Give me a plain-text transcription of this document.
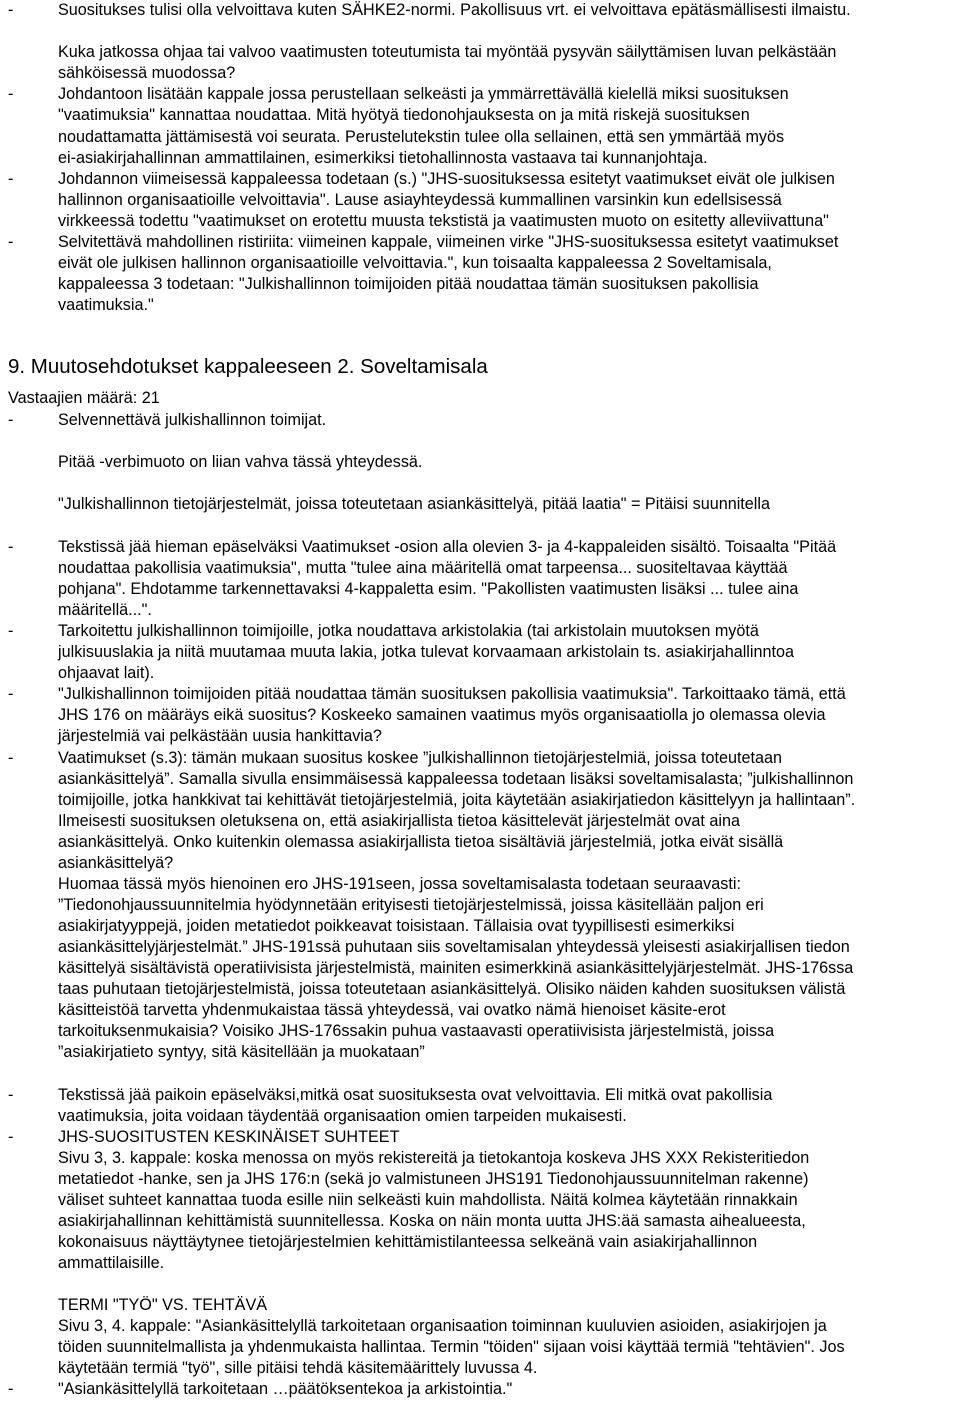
-	Suositukses tulisi olla velvoittava kuten SÄHKE2-normi. Pakollisuus vrt. ei velvoittava epätäsmällisesti ilmaistu.
Kuka jatkossa ohjaa tai valvoo vaatimusten toteutumista tai myöntää pysyvän säilyttämisen luvan pelkästään
sähköisessä muodossa?
-	Johdantoon lisätään kappale jossa perustellaan selkeästi ja ymmärrettävällä kielellä miksi suosituksen
"vaatimuksia" kannattaa noudattaa. Mitä hyötyä tiedonohjauksesta on ja mitä riskejä suosituksen
noudattamatta jättämisestä voi seurata. Perustelutekstin tulee olla sellainen, että sen ymmärtää myös
ei-asiakirjahallinnan ammattilainen, esimerkiksi tietohallinnosta vastaava tai kunnanjohtaja.
-	Johdannon viimeisessä kappaleessa todetaan (s.) "JHS-suosituksessa esitetyt vaatimukset eivät ole julkisen
hallinnon organisaatioille velvoittavia". Lause asiayhteydessä kummallinen varsinkin kun edellsisessä
virkkeessä todettu "vaatimukset on erotettu muusta tekstistä ja vaatimusten muoto on esitetty alleviivattuna"
-	Selvitettävä mahdollinen ristiriita: viimeinen kappale, viimeinen virke "JHS-suosituksessa esitetyt vaatimukset
eivät ole julkisen hallinnon organisaatioille velvoittavia.", kun toisaalta kappaleessa 2 Soveltamisala,
kappaleessa 3 todetaan: "Julkishallinnon toimijoiden pitää noudattaa tämän suosituksen pakollisia
vaatimuksia."
9. Muutosehdotukset kappaleeseen 2. Soveltamisala
Vastaajien määrä: 21
-	Selvennettävä julkishallinnon toimijat.
Pitää -verbimuoto on liian vahva tässä yhteydessä.
"Julkishallinnon tietojärjestelmät, joissa toteutetaan asiankäsittelyä, pitää laatia" = Pitäisi suunnitella
-	Tekstissä jää hieman epäselväksi Vaatimukset -osion alla olevien 3- ja 4-kappaleiden sisältö. Toisaalta "Pitää
noudattaa pakollisia vaatimuksia", mutta "tulee aina määritellä omat tarpeensa... suositeltavaa käyttää
pohjana". Ehdotamme tarkennettavaksi 4-kappaletta esim. "Pakollisten vaatimusten lisäksi ... tulee aina
määritellä...".
-	Tarkoitettu julkishallinnon toimijoille, jotka noudattava arkistolakia (tai arkistolain muutoksen myötä
julkisuuslakia ja niitä muutamaa muuta lakia, jotka tulevat korvaamaan arkistolain ts. asiakirjahallinntoa
ohjaavat lait).
-	"Julkishallinnon toimijoiden pitää noudattaa tämän suosituksen pakollisia vaatimuksia". Tarkoittaako tämä, että
JHS 176 on määräys eikä suositus? Koskeeko samainen vaatimus myös organisaatiolla jo olemassa olevia
järjestelmiä vai pelkästään uusia hankittavia?
-	Vaatimukset (s.3): tämän mukaan suositus koskee ”julkishallinnon tietojärjestelmiä, joissa toteutetaan
asiankäsittelyä”. Samalla sivulla ensimmäisessä kappaleessa todetaan lisäksi soveltamisalasta; ”julkishallinnon
toimijoille, jotka hankkivat tai kehittävät tietojärjestelmiä, joita käytetään asiakirjatiedon käsittelyyn ja hallintaan”.
Ilmeisesti suosituksen oletuksena on, että asiakirjallista tietoa käsittelevät järjestelmät ovat aina
asiankäsittelyä. Onko kuitenkin olemassa asiakirjallista tietoa sisältäviä järjestelmiä, jotka eivät sisällä
asiankäsittelyä?
Huomaa tässä myös hienoinen ero JHS-191seen, jossa soveltamisalasta todetaan seuraavasti:
”Tiedonohjaussuunnitelmia hyödynnetään erityisesti tietojärjestelmissä, joissa käsitellään paljon eri
asiakirjatyyppejä, joiden metatiedot poikkeavat toisistaan. Tällaisia ovat tyypillisesti esimerkiksi
asiankäsittelyjärjestelmät.” JHS-191ssä puhutaan siis soveltamisalan yhteydessä yleisesti asiakirjallisen tiedon
käsittelyä sisältävistä operatiivisista järjestelmistä, mainiten esimerkkinä asiankäsittelyjärjestelmät. JHS-176ssa
taas puhutaan tietojärjestelmistä, joissa toteutetaan asiankäsittelyä. Olisiko näiden kahden suosituksen välistä
käsitteistöä tarvetta yhdenmukaistaa tässä yhteydessä, vai ovatko nämä hienoiset käsite-erot
tarkoituksenmukaisia? Voisiko JHS-176ssakin puhua vastaavasti operatiivisista järjestelmistä, joissa
”asiakirjatieto syntyy, sitä käsitellään ja muokataan”
-	Tekstissä jää paikoin epäselväksi,mitkä osat suosituksesta ovat velvoittavia. Eli mitkä ovat pakollisia
vaatimuksia, joita voidaan täydentää organisaation omien tarpeiden mukaisesti.
-	JHS-SUOSITUSTEN KESKINÄISET SUHTEET
Sivu 3, 3. kappale: koska menossa on myös rekistereitä ja tietokantoja koskeva JHS XXX Rekisteritiedon
metatiedot -hanke, sen ja JHS 176:n (sekä jo valmistuneen JHS191 Tiedonohjaussuunnitelman rakenne)
väliset suhteet kannattaa tuoda esille niin selkeästi kuin mahdollista. Näitä kolmea käytetään rinnakkain
asiakirjahallinnan kehittämistä suunnitellessa. Koska on näin monta uutta JHS:ää samasta aihealueesta,
kokonaisuus näyttäytynee tietojärjestelmien kehittämistilanteessa selkeänä vain asiakirjahallinnon
ammattilaisille.
TERMI "TYÖ" VS. TEHTÄVÄ
Sivu 3, 4. kappale: "Asiankäsittelyllä tarkoitetaan organisaation toiminnan kuuluvien asioiden, asiakirjojen ja
töiden suunnitelmallista ja yhdenmukaista hallintaa. Termin "töiden" sijaan voisi käyttää termiä "tehtävien". Jos
käytetään termiä "työ", sille pitäisi tehdä käsitemäärittely luvussa 4.
-	"Asiankäsittelyllä tarkoitetaan …päätöksentekoa ja arkistointia."
